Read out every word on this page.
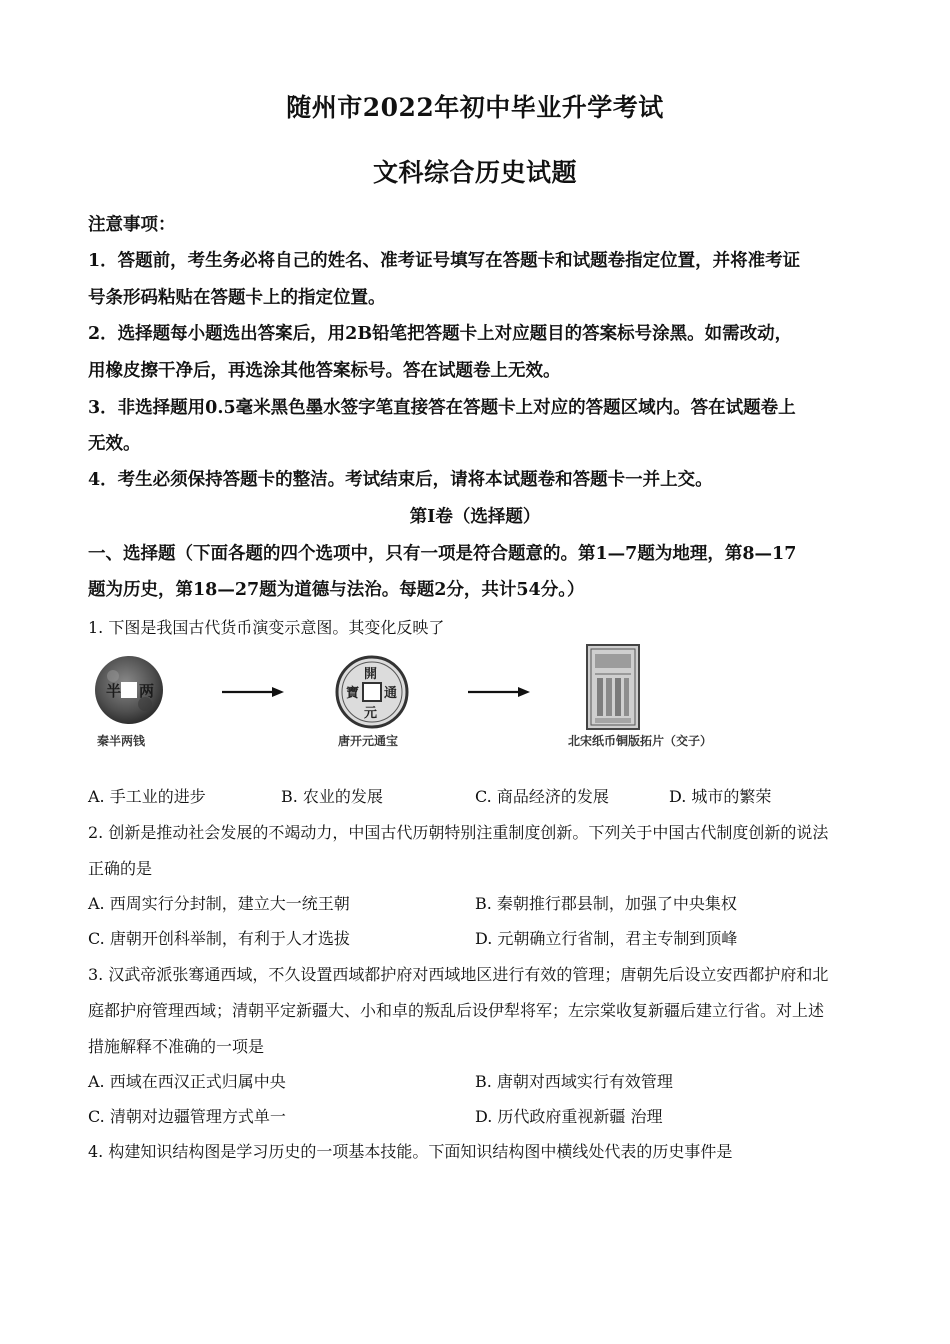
随州市2022年初中毕业升学考试
文科综合历史试题
注意事项：
1．答题前，考生务必将自己的姓名、准考证号填写在答题卡和试题卷指定位置，并将准考证
号条形码粘贴在答题卡上的指定位置。
2．选择题每小题选出答案后，用2B铅笔把答题卡上对应题目的答案标号涂黑。如需改动，
用橡皮擦干净后，再选涂其他答案标号。答在试题卷上无效。
3．非选择题用0.5毫米黑色墨水签字笔直接答在答题卡上对应的答题区域内。答在试题卷上
无效。
4．考生必须保持答题卡的整洁。考试结束后，请将本试题卷和答题卡一并上交。
第I卷（选择题）
一、选择题（下面各题的四个选项中，只有一项是符合题意的。第1—7题为地理，第8—17
题为历史，第18—27题为道德与法治。每题2分，共计54分。）
1. 下图是我国古代货币演变示意图。其变化反映了
半 两
秦半两钱
開
元
通
寶
唐开元通宝	北宋纸币铜版拓片（交子）
A. 手工业的进步	B. 农业的发展	C. 商品经济的发展	D. 城市的繁荣
2. 创新是推动社会发展的不竭动力，中国古代历朝特别注重制度创新。下列关于中国古代制度创新的说法
正确的是
A. 西周实行分封制，建立大一统王朝	B. 秦朝推行郡县制，加强了中央集权
C. 唐朝开创科举制，有利于人才选拔	D. 元朝确立行省制，君主专制到顶峰
3. 汉武帝派张骞通西域，不久设置西域都护府对西域地区进行有效的管理；唐朝先后设立安西都护府和北
庭都护府管理西域；清朝平定新疆大、小和卓的叛乱后设伊犁将军；左宗棠收复新疆后建立行省。对上述
措施解释不准确的一项是
A. 西域在西汉正式归属中央	B. 唐朝对西域实行有效管理
C. 清朝对边疆管理方式单一	D. 历代政府重视新疆 治理
4. 构建知识结构图是学习历史的一项基本技能。下面知识结构图中横线处代表的历史事件是
